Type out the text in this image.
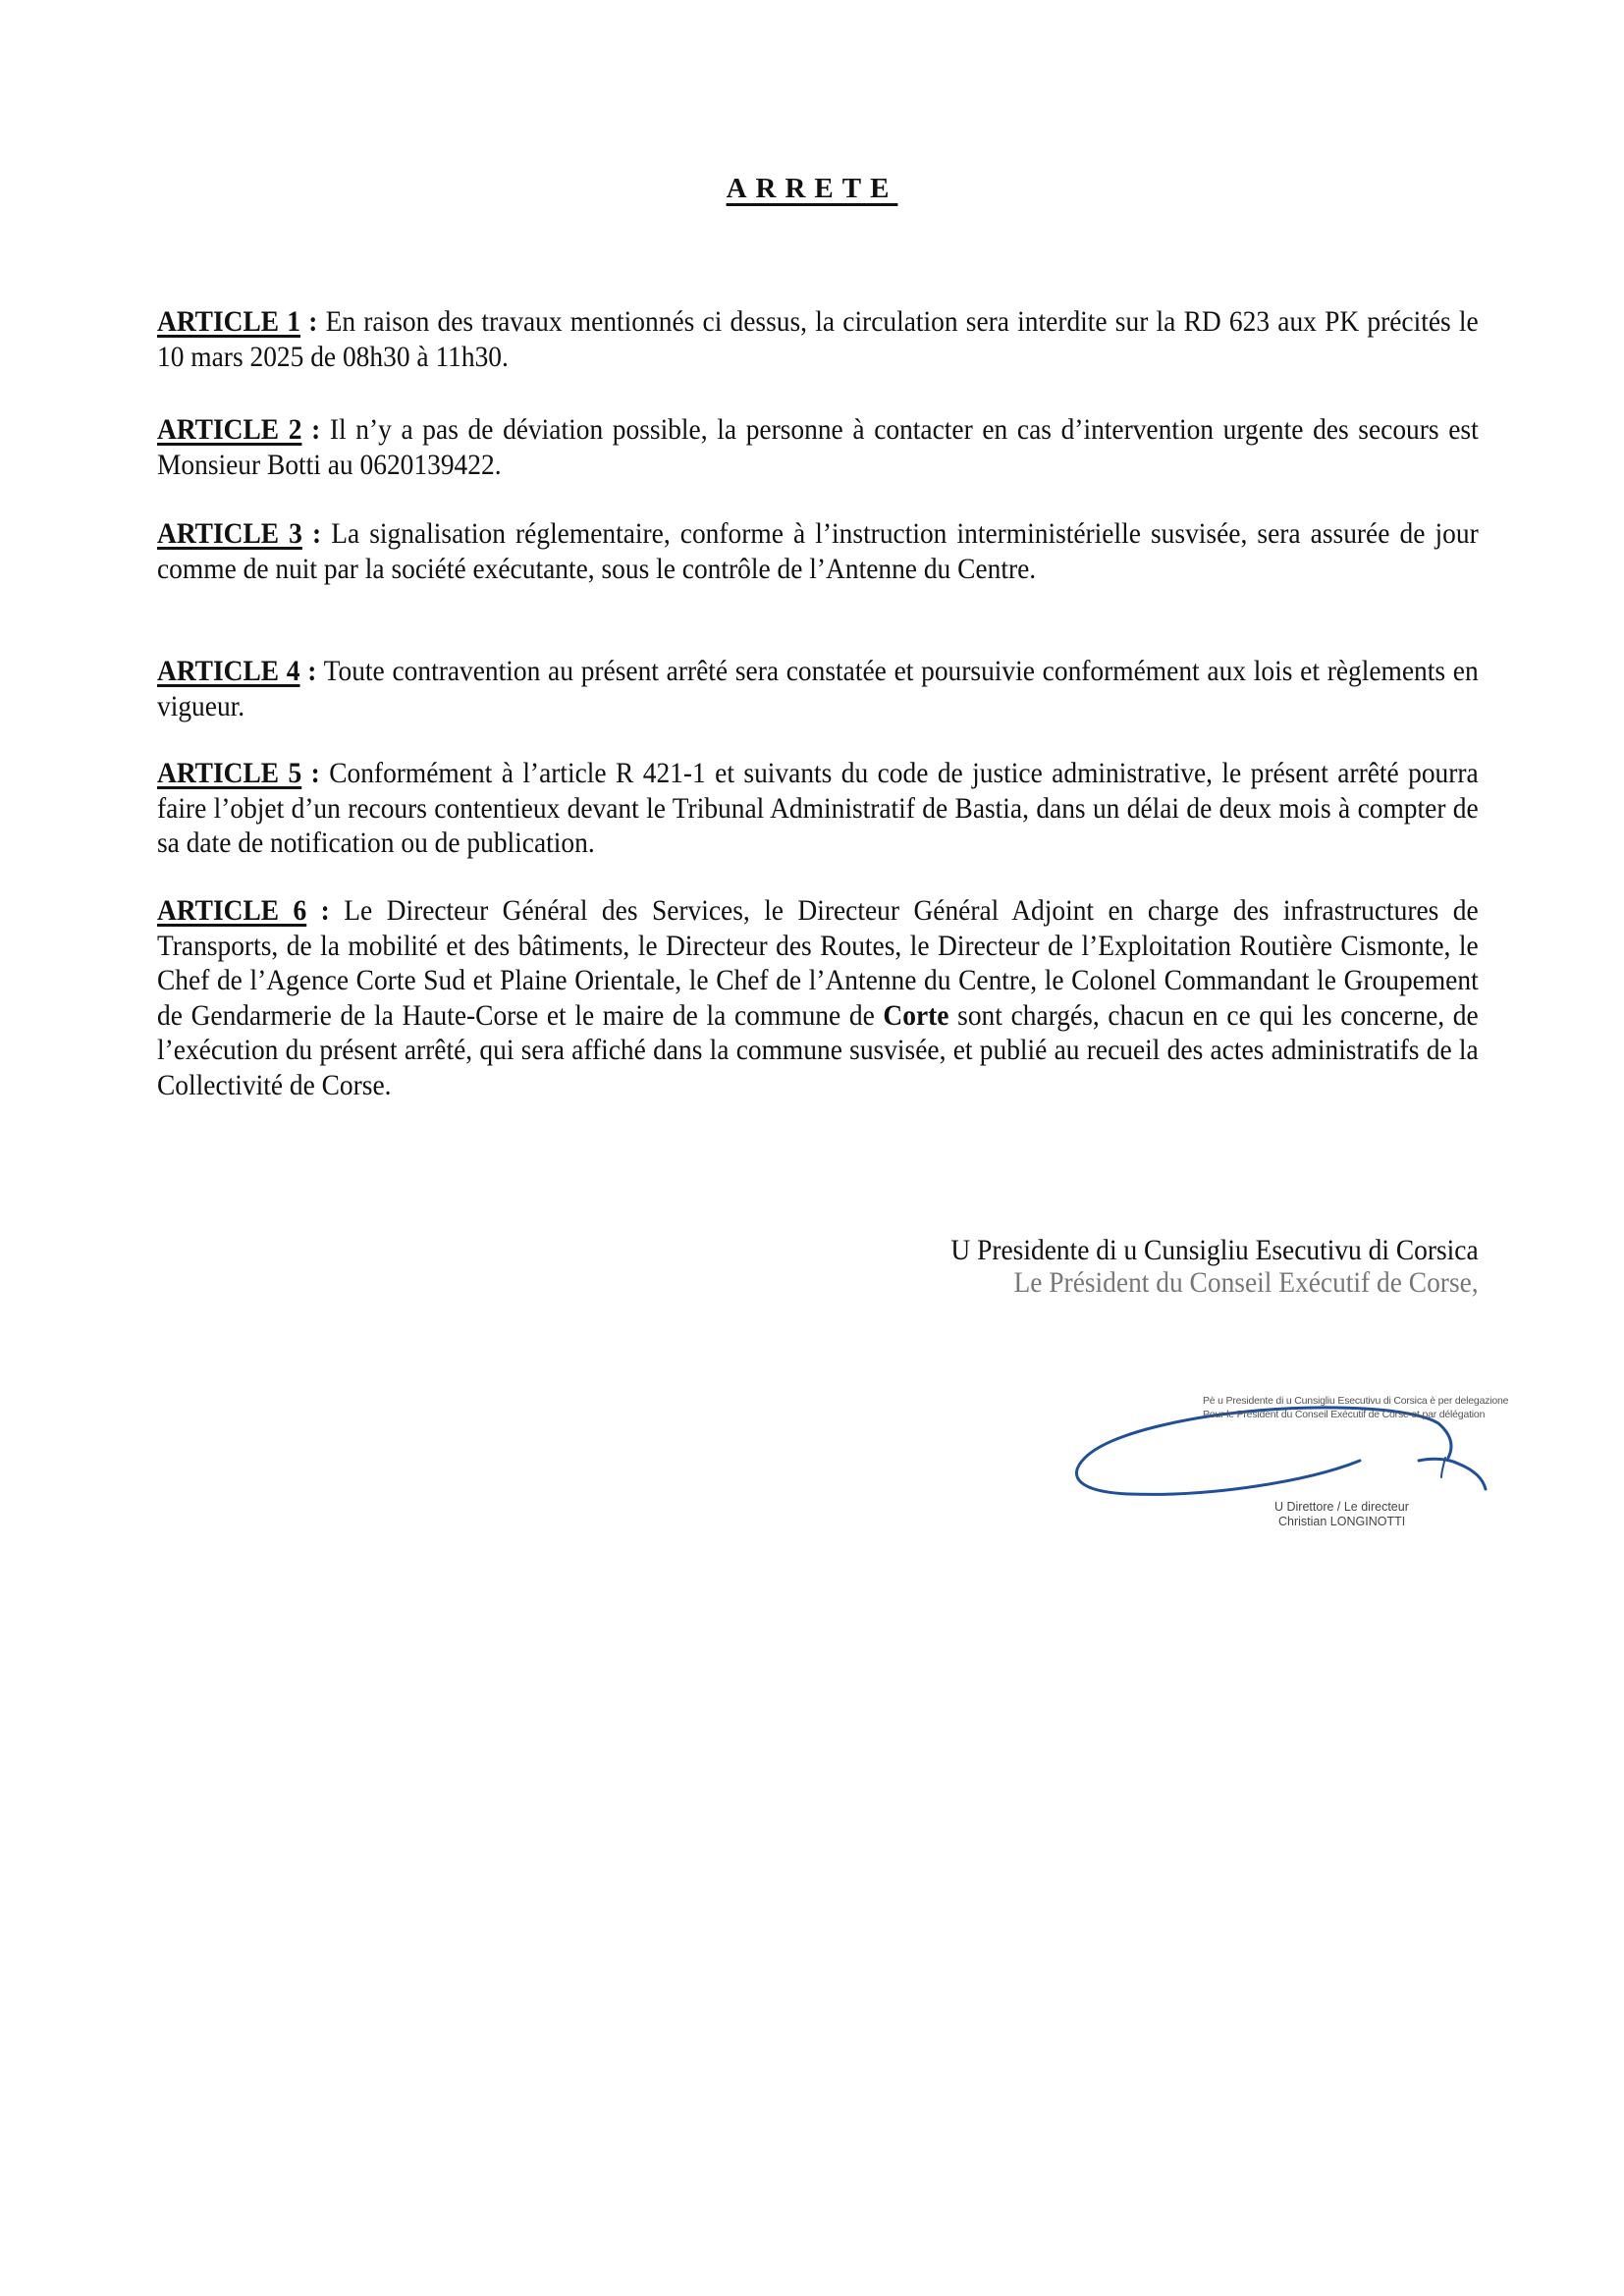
ARRETE

ARTICLE 1 : En raison des travaux mentionnés ci dessus, la circulation sera interdite sur la RD 623 aux PK précités le 10 mars 2025 de 08h30 à 11h30.

ARTICLE 2 : Il n’y a pas de déviation possible, la personne à contacter en cas d’intervention urgente des secours est Monsieur Botti au 0620139422.

ARTICLE 3 : La signalisation réglementaire, conforme à l’instruction interministérielle susvisée, sera assurée de jour comme de nuit par la société exécutante, sous le contrôle de l’Antenne du Centre.

ARTICLE 4 : Toute contravention au présent arrêté sera constatée et poursuivie conformément aux lois et règlements en vigueur.

ARTICLE 5 : Conformément à l’article R 421-1 et suivants du code de justice administrative, le présent arrêté pourra faire l’objet d’un recours contentieux devant le Tribunal Administratif de Bastia, dans un délai de deux mois à compter de sa date de notification ou de publication.

ARTICLE 6 : Le Directeur Général des Services, le Directeur Général Adjoint en charge des infrastructures de Transports, de la mobilité et des bâtiments, le Directeur des Routes, le Directeur de l’Exploitation Routière Cismonte, le Chef de l’Agence Corte Sud et Plaine Orientale, le Chef de l’Antenne du Centre, le Colonel Commandant le Groupement de Gendarmerie de la Haute-Corse et le maire de la commune de Corte sont chargés, chacun en ce qui les concerne, de l’exécution du présent arrêté, qui sera affiché dans la commune susvisée, et publié au recueil des actes administratifs de la Collectivité de Corse.

U Presidente di u Cunsigliu Esecutivu di Corsica
Le Président du Conseil Exécutif de Corse,
Pè u Presidente di u Cunsigliu Esecutivu di Corsica è per delegazione
Pour le Président du Conseil Exécutif de Corse et par délégation
U Direttore / Le directeur
Christian LONGINOTTI
